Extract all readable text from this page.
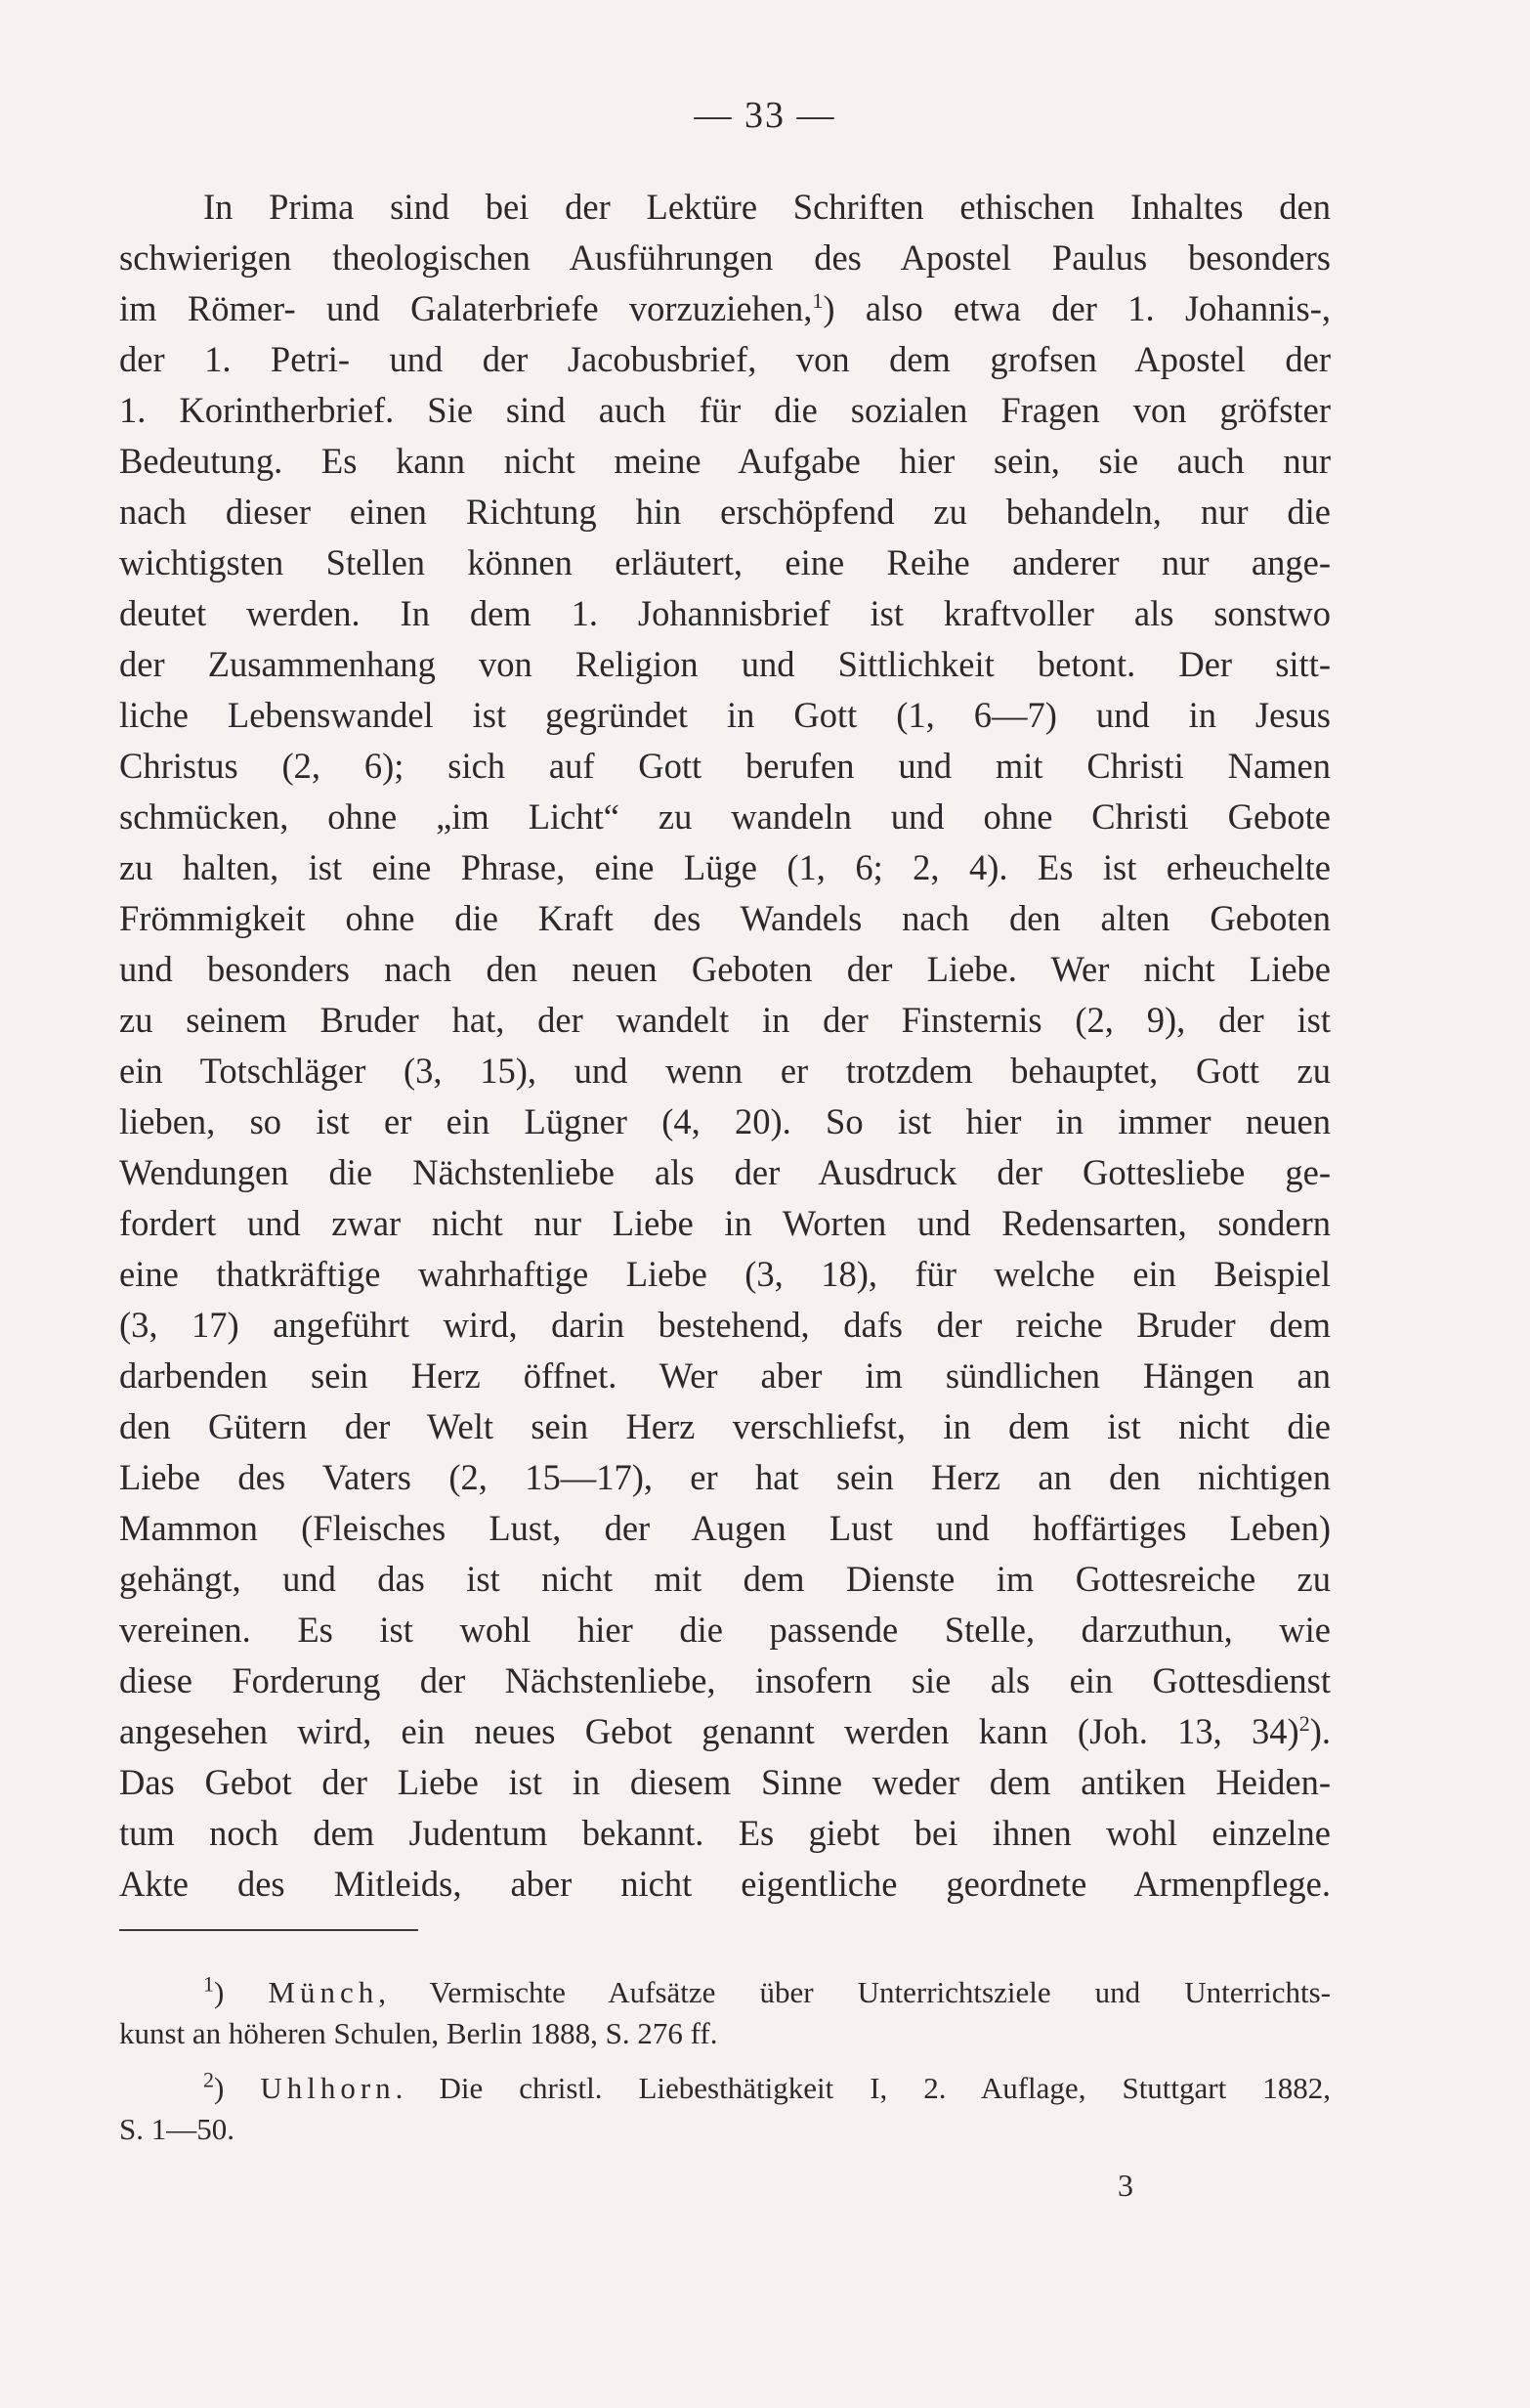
— 33 —
In Prima sind bei der Lektüre Schriften ethischen Inhaltes den
schwierigen theologischen Ausführungen des Apostel Paulus besonders
im Römer- und Galaterbriefe vorzuziehen,$^1$) also etwa der 1. Johannis-,
der 1. Petri- und der Jacobusbrief, von dem grofsen Apostel der
1. Korintherbrief. Sie sind auch für die sozialen Fragen von gröfster
Bedeutung. Es kann nicht meine Aufgabe hier sein, sie auch nur
nach dieser einen Richtung hin erschöpfend zu behandeln, nur die
wichtigsten Stellen können erläutert, eine Reihe anderer nur ange-
deutet werden. In dem 1. Johannisbrief ist kraftvoller als sonstwo
der Zusammenhang von Religion und Sittlichkeit betont. Der sitt-
liche Lebenswandel ist gegründet in Gott (1, 6—7) und in Jesus
Christus (2, 6); sich auf Gott berufen und mit Christi Namen
schmücken, ohne „im Licht“ zu wandeln und ohne Christi Gebote
zu halten, ist eine Phrase, eine Lüge (1, 6; 2, 4). Es ist erheuchelte
Frömmigkeit ohne die Kraft des Wandels nach den alten Geboten
und besonders nach den neuen Geboten der Liebe. Wer nicht Liebe
zu seinem Bruder hat, der wandelt in der Finsternis (2, 9), der ist
ein Totschläger (3, 15), und wenn er trotzdem behauptet, Gott zu
lieben, so ist er ein Lügner (4, 20). So ist hier in immer neuen
Wendungen die Nächstenliebe als der Ausdruck der Gottesliebe ge-
fordert und zwar nicht nur Liebe in Worten und Redensarten, sondern
eine thatkräftige wahrhaftige Liebe (3, 18), für welche ein Beispiel
(3, 17) angeführt wird, darin bestehend, dafs der reiche Bruder dem
darbenden sein Herz öffnet. Wer aber im sündlichen Hängen an
den Gütern der Welt sein Herz verschliefst, in dem ist nicht die
Liebe des Vaters (2, 15—17), er hat sein Herz an den nichtigen
Mammon (Fleisches Lust, der Augen Lust und hoffärtiges Leben)
gehängt, und das ist nicht mit dem Dienste im Gottesreiche zu
vereinen. Es ist wohl hier die passende Stelle, darzuthun, wie
diese Forderung der Nächstenliebe, insofern sie als ein Gottesdienst
angesehen wird, ein neues Gebot genannt werden kann (Joh. 13, 34)$^2$).
Das Gebot der Liebe ist in diesem Sinne weder dem antiken Heiden-
tum noch dem Judentum bekannt. Es giebt bei ihnen wohl einzelne
Akte des Mitleids, aber nicht eigentliche geordnete Armenpflege.
$^1$) Münch, Vermischte Aufsätze über Unterrichtsziele und Unterrichts-
kunst an höheren Schulen, Berlin 1888, S. 276 ff.
$^2$) Uhlhorn. Die christl. Liebesthätigkeit I, 2. Auflage, Stuttgart 1882,
S. 1—50.
3
